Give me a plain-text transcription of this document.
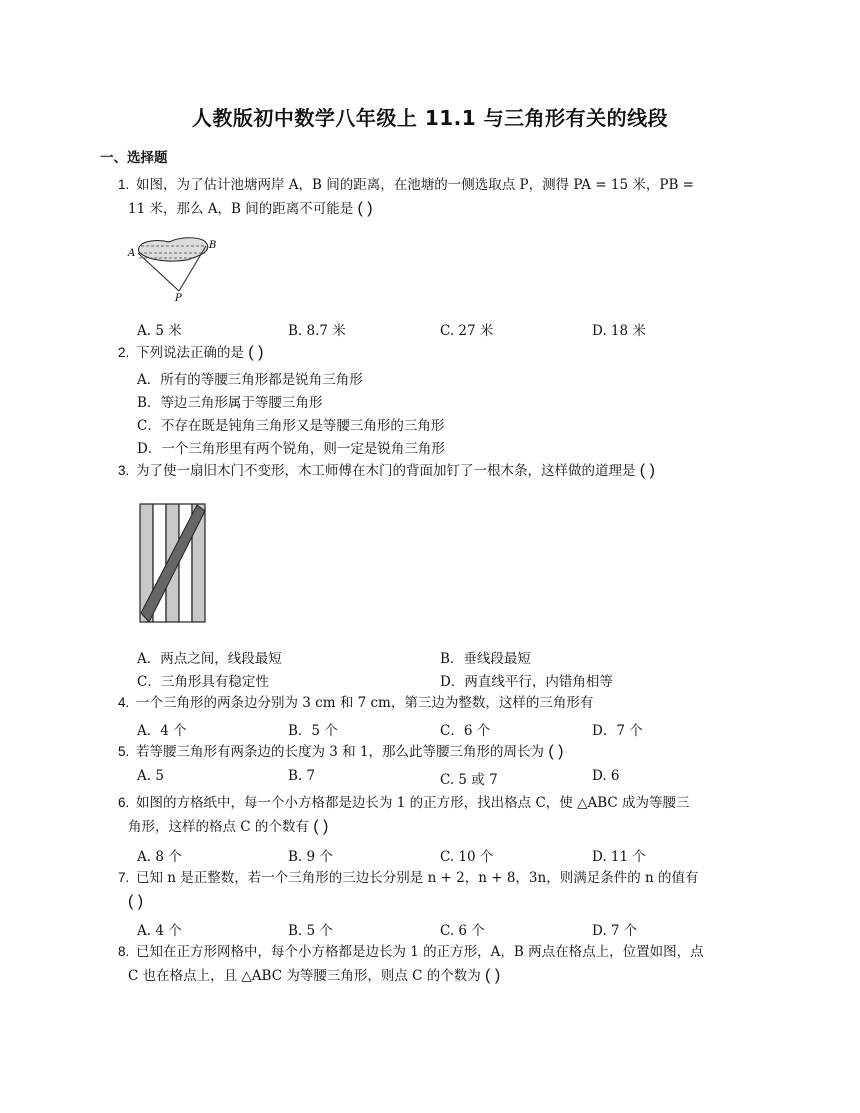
人教版初中数学八年级上 11.1 与三角形有关的线段
一、选择题
1. 如图，为了估计池塘两岸 A，B 间的距离，在池塘的一侧选取点 P，测得 PA = 15 米，PB =
11 米，那么 A，B 间的距离不可能是 ( )
A
B
P
A. 5 米	B. 8.7 米	C. 27 米	D. 18 米
2. 下列说法正确的是 ( )
A．所有的等腰三角形都是锐角三角形
B．等边三角形属于等腰三角形
C．不存在既是钝角三角形又是等腰三角形的三角形
D．一个三角形里有两个锐角，则一定是锐角三角形
3. 为了使一扇旧木门不变形，木工师傅在木门的背面加钉了一根木条，这样做的道理是 ( )
A．两点之间，线段最短	B．垂线段最短
C．三角形具有稳定性	D．两直线平行，内错角相等
4. 一个三角形的两条边分别为 3 cm 和 7 cm，第三边为整数，这样的三角形有
A．4 个	B．5 个	C．6 个	D．7 个
5. 若等腰三角形有两条边的长度为 3 和 1，那么此等腰三角形的周长为 ( )
A. 5	B. 7	C. 5 或 7	D. 6
6. 如图的方格纸中，每一个小方格都是边长为 1 的正方形，找出格点 C，使 △ABC 成为等腰三
角形，这样的格点 C 的个数有 ( )
A. 8 个	B. 9 个	C. 10 个	D. 11 个
7. 已知 n 是正整数，若一个三角形的三边长分别是 n + 2，n + 8，3n，则满足条件的 n 的值有
( )
A. 4 个	B. 5 个	C. 6 个	D. 7 个
8. 已知在正方形网格中，每个小方格都是边长为 1 的正方形，A，B 两点在格点上，位置如图，点
C 也在格点上，且 △ABC 为等腰三角形，则点 C 的个数为 ( )
